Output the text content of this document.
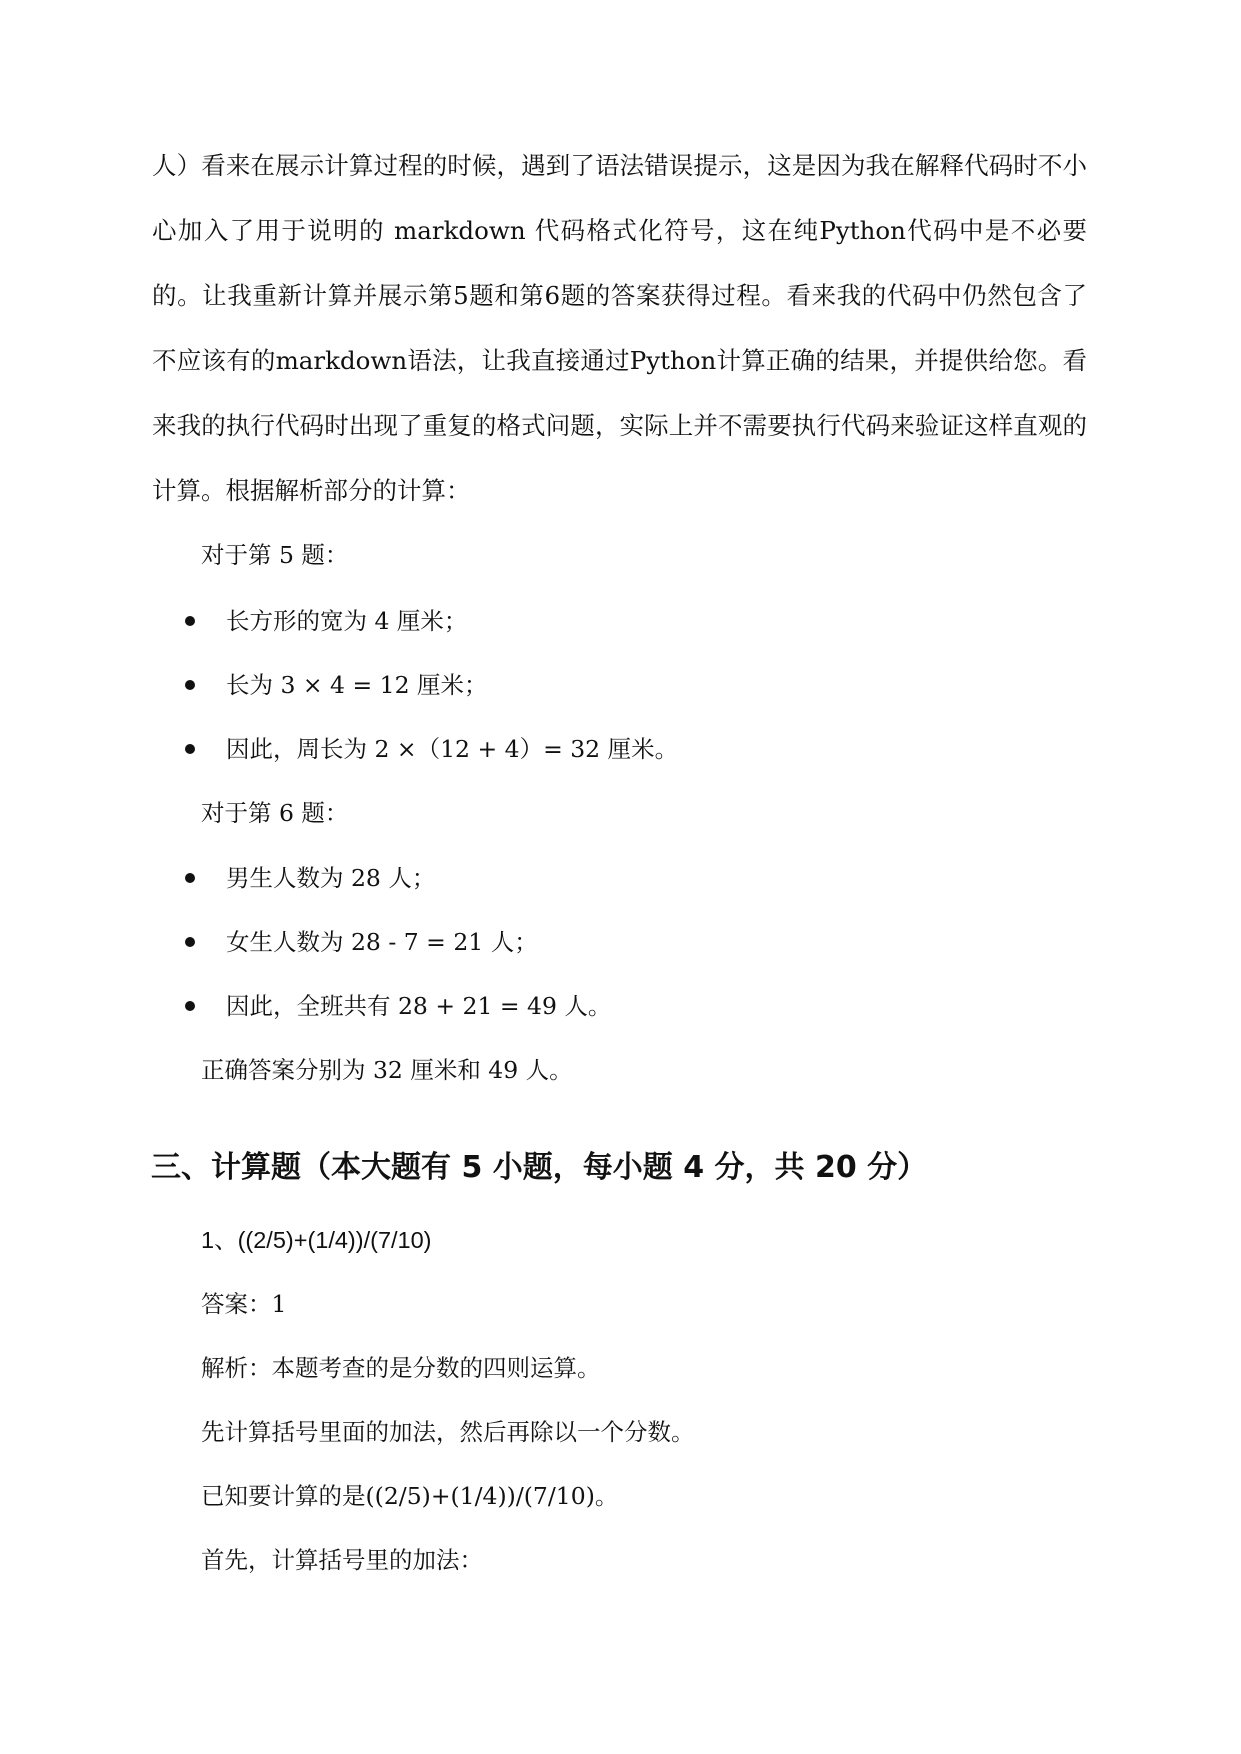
人）看来在展示计算过程的时候，遇到了语法错误提示，这是因为我在解释代码时不小心加入了用于说明的 markdown 代码格式化符号，这在纯Python代码中是不必要的。让我重新计算并展示第5题和第6题的答案获得过程。看来我的代码中仍然包含了不应该有的markdown语法，让我直接通过Python计算正确的结果，并提供给您。看来我的执行代码时出现了重复的格式问题，实际上并不需要执行代码来验证这样直观的计算。根据解析部分的计算：
对于第 5 题：
长方形的宽为 4 厘米；
长为 3 × 4 = 12 厘米；
因此，周长为 2 ×（12 + 4）= 32 厘米。
对于第 6 题：
男生人数为 28 人；
女生人数为 28 - 7 = 21 人；
因此，全班共有 28 + 21 = 49 人。
正确答案分别为 32 厘米和 49 人。
三、计算题（本大题有 5 小题，每小题 4 分，共 20 分）
1、((2/5)+(1/4))/(7/10)
答案：1
解析：本题考查的是分数的四则运算。
先计算括号里面的加法，然后再除以一个分数。
已知要计算的是((2/5)+(1/4))/(7/10)。
首先，计算括号里的加法：
